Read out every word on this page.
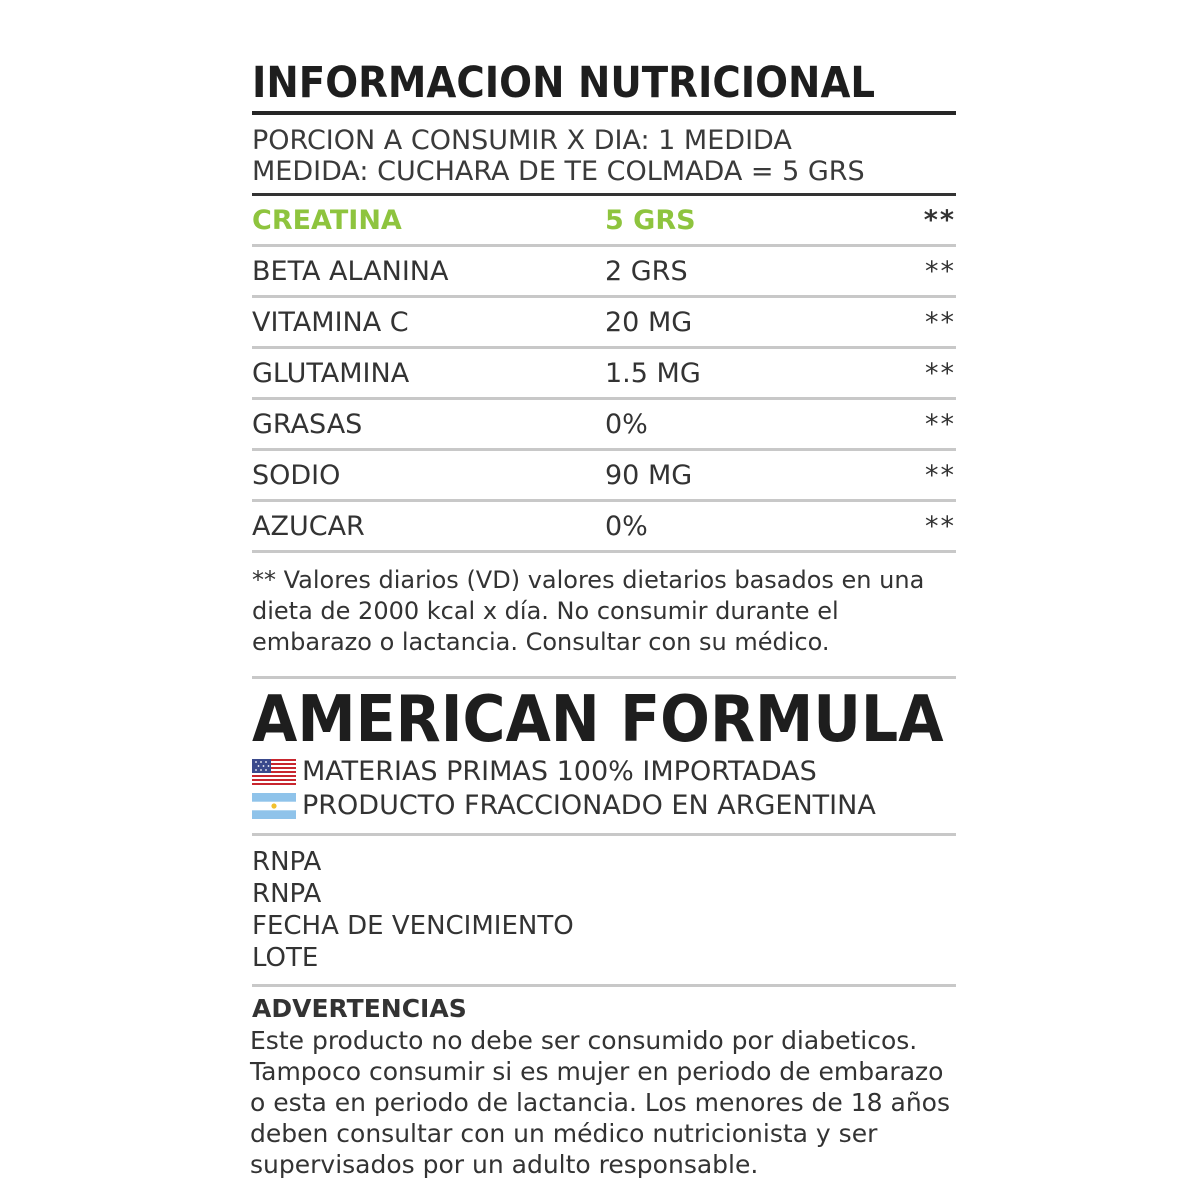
INFORMACION NUTRICIONAL
PORCION A CONSUMIR X DIA: 1 MEDIDA
MEDIDA: CUCHARA DE TE COLMADA = 5 GRS
CREATINA	5 GRS	**
BETA ALANINA	2 GRS	**
VITAMINA C	20 MG	**
GLUTAMINA	1.5 MG	**
GRASAS	0%	**
SODIO	90 MG	**
AZUCAR	0%	**
** Valores diarios (VD) valores dietarios basados en una dieta de 2000 kcal x día. No consumir durante el embarazo o lactancia. Consultar con su médico.
AMERICAN FORMULA
MATERIAS PRIMAS 100% IMPORTADAS
PRODUCTO FRACCIONADO EN ARGENTINA
RNPA
RNPA
FECHA DE VENCIMIENTO
LOTE
ADVERTENCIAS
Este producto no debe ser consumido por diabeticos.
Tampoco consumir si es mujer en periodo de embarazo
o esta en periodo de lactancia. Los menores de 18 años
deben consultar con un médico nutricionista y ser
supervisados por un adulto responsable.
